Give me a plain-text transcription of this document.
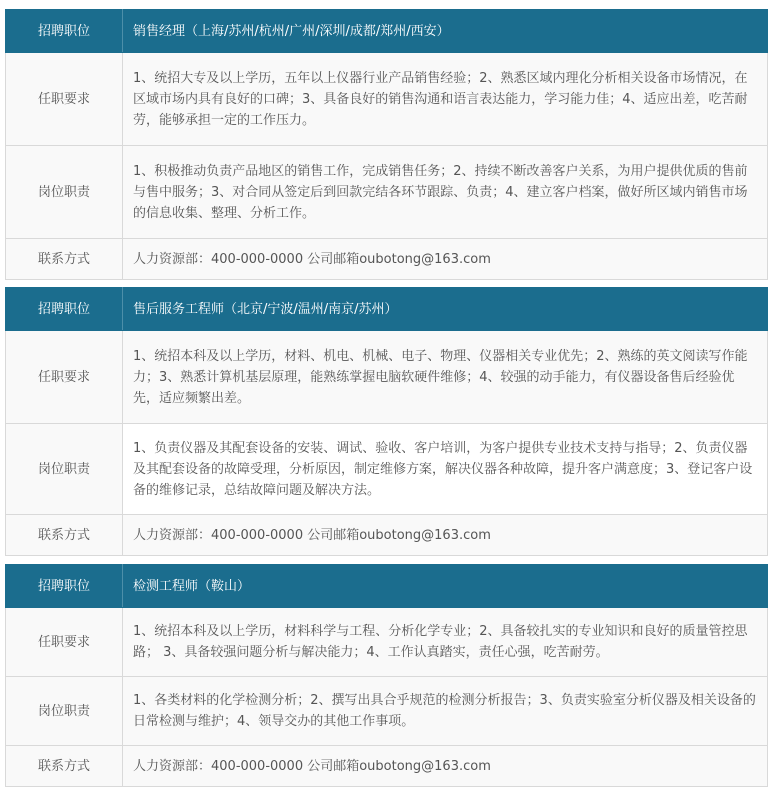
招聘职位	销售经理（上海/苏州/杭州/广州/深圳/成都/郑州/西安）
任职要求	1、统招大专及以上学历，五年以上仪器行业产品销售经验；2、熟悉区域内理化分析相关设备市场情况，在区域市场内具有良好的口碑；3、具备良好的销售沟通和语言表达能力，学习能力佳；4、适应出差，吃苦耐劳，能够承担一定的工作压力。
岗位职责	1、积极推动负责产品地区的销售工作，完成销售任务；2、持续不断改善客户关系，为用户提供优质的售前与售中服务；3、对合同从签定后到回款完结各环节跟踪、负责；4、建立客户档案，做好所区域内销售市场的信息收集、整理、分析工作。
联系方式	人力资源部：400-000-0000 公司邮箱oubotong@163.com
招聘职位	售后服务工程师（北京/宁波/温州/南京/苏州）
任职要求	1、统招本科及以上学历，材料、机电、机械、电子、物理、仪器相关专业优先；2、熟练的英文阅读写作能力；3、熟悉计算机基层原理，能熟练掌握电脑软硬件维修；4、较强的动手能力，有仪器设备售后经验优先，适应频繁出差。
岗位职责	1、负责仪器及其配套设备的安装、调试、验收、客户培训，为客户提供专业技术支持与指导；2、负责仪器及其配套设备的故障受理，分析原因，制定维修方案，解决仪器各种故障，提升客户满意度；3、登记客户设备的维修记录，总结故障问题及解决方法。
联系方式	人力资源部：400-000-0000 公司邮箱oubotong@163.com
招聘职位	检测工程师（鞍山）
任职要求	1、统招本科及以上学历，材料科学与工程、分析化学专业；2、具备较扎实的专业知识和良好的质量管控思路； 3、具备较强问题分析与解决能力；4、工作认真踏实，责任心强，吃苦耐劳。
岗位职责	1、各类材料的化学检测分析；2、撰写出具合乎规范的检测分析报告；3、负责实验室分析仪器及相关设备的日常检测与维护；4、领导交办的其他工作事项。
联系方式	人力资源部：400-000-0000 公司邮箱oubotong@163.com
